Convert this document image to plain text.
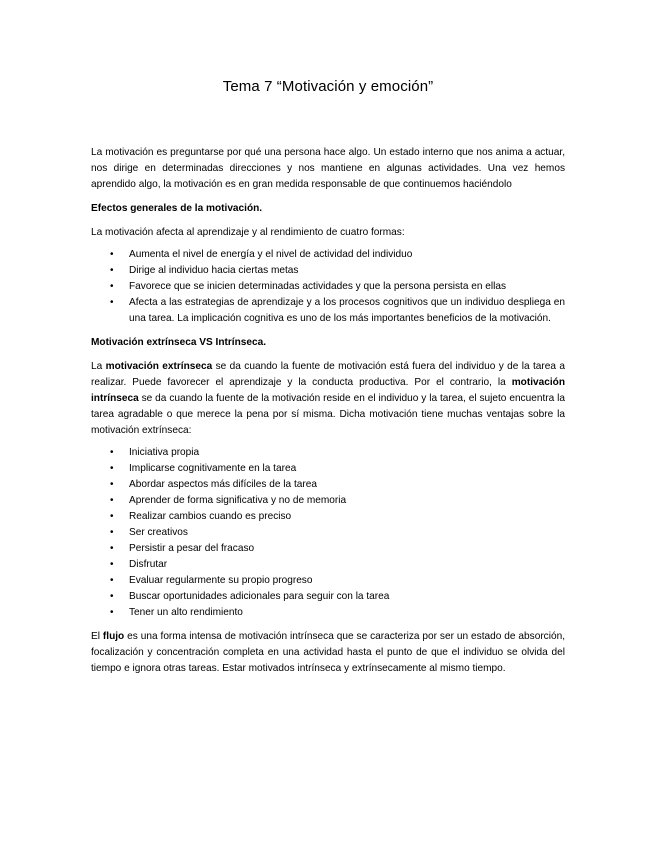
Tema 7 “Motivación y emoción”

La motivación es preguntarse por qué una persona hace algo. Un estado interno que nos anima a actuar, nos dirige en determinadas direcciones y nos mantiene en algunas actividades. Una vez hemos aprendido algo, la motivación es en gran medida responsable de que continuemos haciéndolo

Efectos generales de la motivación.

La motivación afecta al aprendizaje y al rendimiento de cuatro formas:

• Aumenta el nivel de energía y el nivel de actividad del individuo
• Dirige al individuo hacia ciertas metas
• Favorece que se inicien determinadas actividades y que la persona persista en ellas
• Afecta a las estrategias de aprendizaje y a los procesos cognitivos que un individuo despliega en una tarea. La implicación cognitiva es uno de los más importantes beneficios de la motivación.

Motivación extrínseca VS Intrínseca.

La motivación extrínseca se da cuando la fuente de motivación está fuera del individuo y de la tarea a realizar. Puede favorecer el aprendizaje y la conducta productiva. Por el contrario, la motivación intrínseca se da cuando la fuente de la motivación reside en el individuo y la tarea, el sujeto encuentra la tarea agradable o que merece la pena por sí misma. Dicha motivación tiene muchas ventajas sobre la motivación extrínseca:

• Iniciativa propia
• Implicarse cognitivamente en la tarea
• Abordar aspectos más difíciles de la tarea
• Aprender de forma significativa y no de memoria
• Realizar cambios cuando es preciso
• Ser creativos
• Persistir a pesar del fracaso
• Disfrutar
• Evaluar regularmente su propio progreso
• Buscar oportunidades adicionales para seguir con la tarea
• Tener un alto rendimiento

El flujo es una forma intensa de motivación intrínseca que se caracteriza por ser un estado de absorción, focalización y concentración completa en una actividad hasta el punto de que el individuo se olvida del tiempo e ignora otras tareas. Estar motivados intrínseca y extrínsecamente al mismo tiempo.
